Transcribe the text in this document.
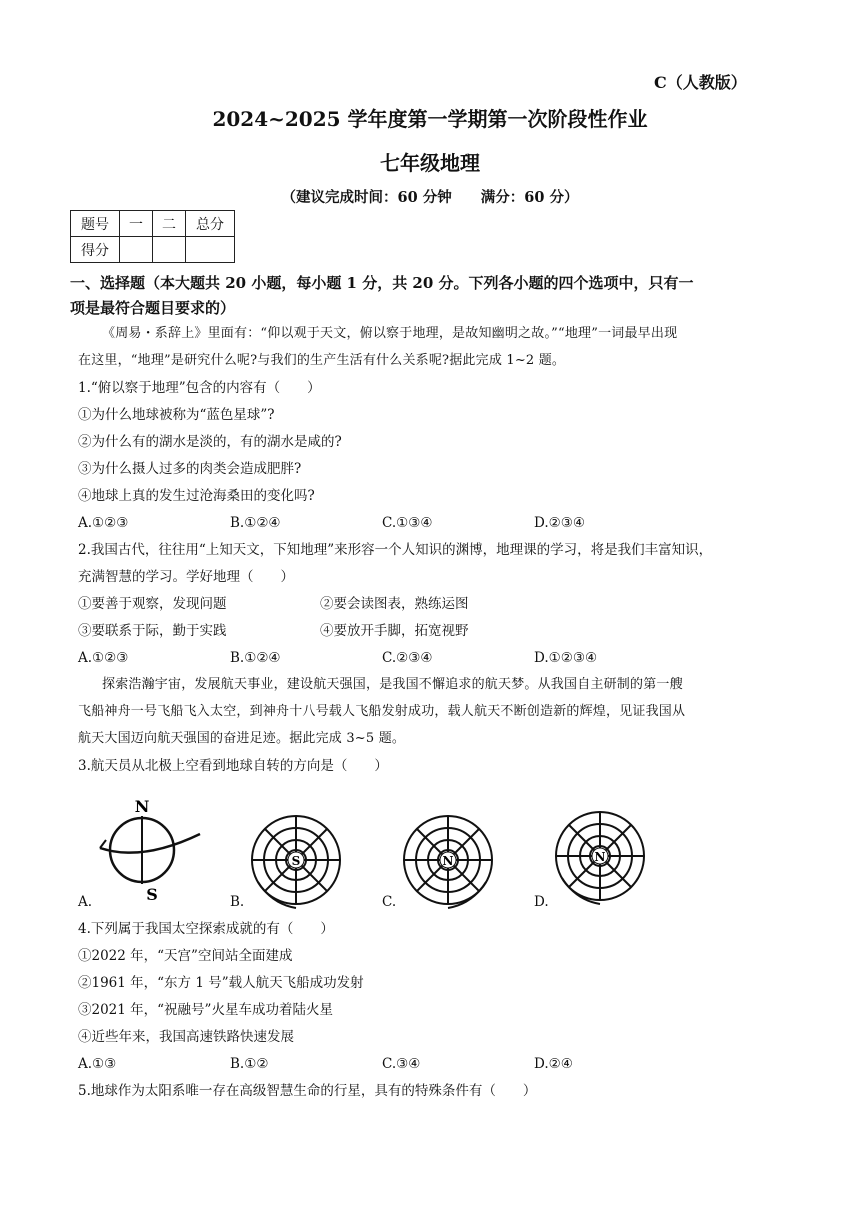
C（人教版）
2024~2025 学年度第一学期第一次阶段性作业
七年级地理
（建议完成时间：60 分钟　　满分：60 分）
题号	一	二	总分
得分			
一、选择题（本大题共 20 小题，每小题 1 分，共 20 分。下列各小题的四个选项中，只有一
项是最符合题目要求的）
《周易・系辞上》里面有：“仰以观于天文，俯以察于地理，是故知幽明之故。”“地理”一词最早出现
在这里，“地理”是研究什么呢?与我们的生产生活有什么关系呢?据此完成 1~2 题。
1.“俯以察于地理”包含的内容有（　　）
①为什么地球被称为“蓝色星球”?
②为什么有的湖水是淡的，有的湖水是咸的?
③为什么摄人过多的肉类会造成肥胖?
④地球上真的发生过沧海桑田的变化吗?
A.①②③	B.①②④	C.①③④	D.②③④
2.我国古代，往往用“上知天文，下知地理”来形容一个人知识的渊博，地理课的学习，将是我们丰富知识，
充满智慧的学习。学好地理（　　）
①要善于观察，发现问题	②要会读图表，熟练运图
③要联系于际，勤于实践	④要放开手脚，拓宽视野
A.①②③	B.①②④	C.②③④	D.①②③④
探索浩瀚宇宙，发展航天事业，建设航天强国，是我国不懈追求的航天梦。从我国自主研制的第一艘
飞船神舟一号飞船飞入太空，到神舟十八号载人飞船发射成功，载人航天不断创造新的辉煌，见证我国从
航天大国迈向航天强国的奋进足迹。据此完成 3~5 题。
3.航天员从北极上空看到地球自转的方向是（　　）
N
S
S	N	N
A.	B.	C.	D.
4.下列属于我国太空探索成就的有（　　）
①2022 年，“天宫”空间站全面建成
②1961 年，“东方 1 号”载人航天飞船成功发射
③2021 年，“祝融号”火星车成功着陆火星
④近些年来，我国高速铁路快速发展
A.①③	B.①②	C.③④	D.②④
5.地球作为太阳系唯一存在高级智慧生命的行星，具有的特殊条件有（　　）
